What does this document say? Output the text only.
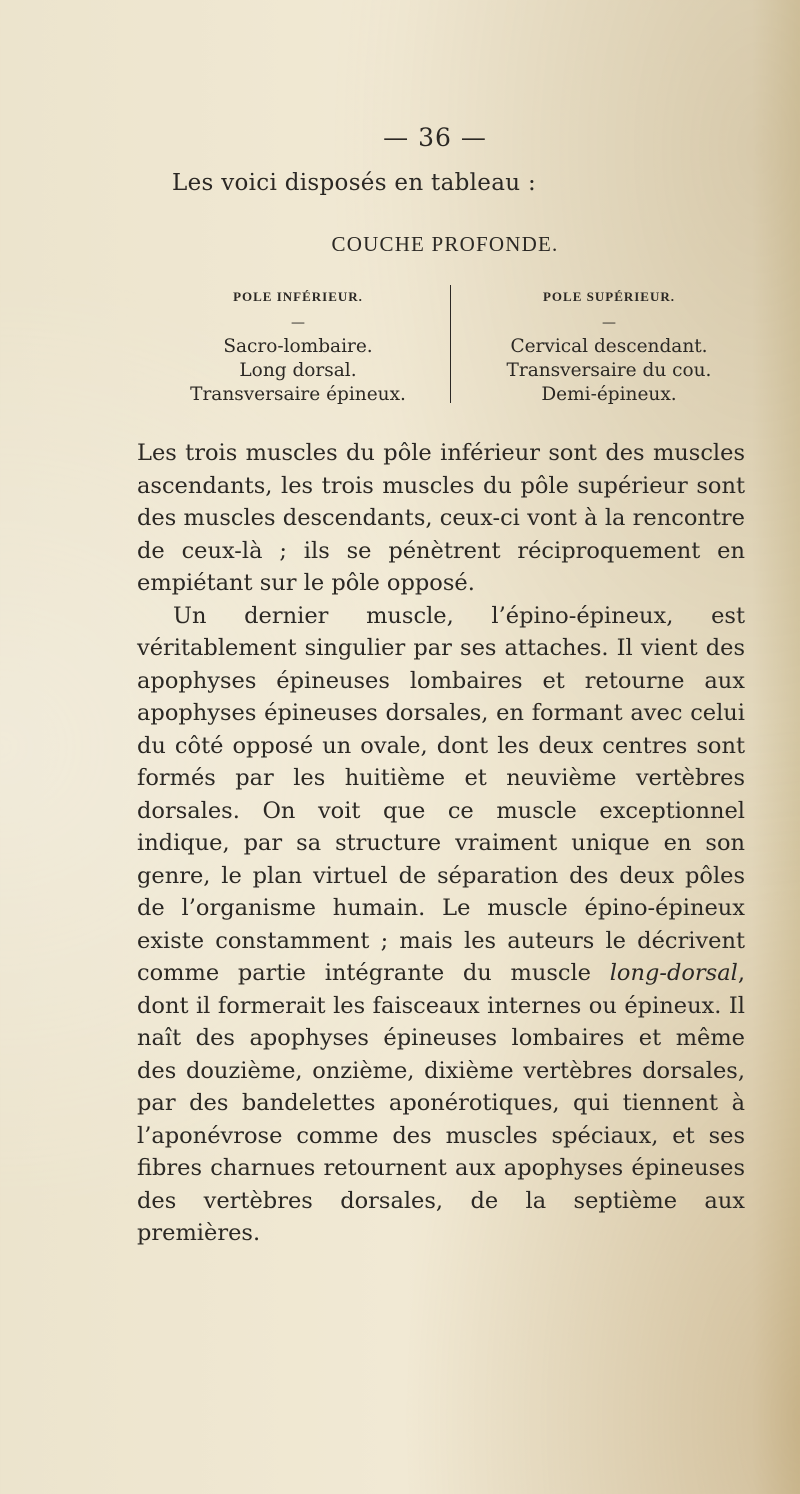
— 36 —
Les voici disposés en tableau :
COUCHE PROFONDE.
POLE INFÉRIEUR.
—
Sacro-lombaire.
Long dorsal.
Transversaire épineux.
POLE SUPÉRIEUR.
—
Cervical descendant.
Transversaire du cou.
Demi-épineux.

Les trois muscles du pôle inférieur sont des muscles ascendants, les trois muscles du pôle supérieur sont des muscles descendants, ceux-ci vont à la rencontre de ceux-là ; ils se pénètrent réciproquement en empiétant sur le pôle opposé.

Un dernier muscle, l’épino-épineux, est véritablement singulier par ses attaches. Il vient des apophyses épineuses lombaires et retourne aux apophyses épineuses dorsales, en formant avec celui du côté opposé un ovale, dont les deux centres sont formés par les huitième et neuvième vertèbres dorsales. On voit que ce muscle exceptionnel indique, par sa structure vraiment unique en son genre, le plan virtuel de séparation des deux pôles de l’organisme humain. Le muscle épino-épineux existe constamment ; mais les auteurs le décrivent comme partie intégrante du muscle long-dorsal, dont il formerait les faisceaux internes ou épineux. Il naît des apophyses épineuses lombaires et même des douzième, onzième, dixième vertèbres dorsales, par des bandelettes aponérotiques, qui tiennent à l’aponévrose comme des muscles spéciaux, et ses fibres charnues retournent aux apophyses épineuses des vertèbres dorsales, de la septième aux premières.
